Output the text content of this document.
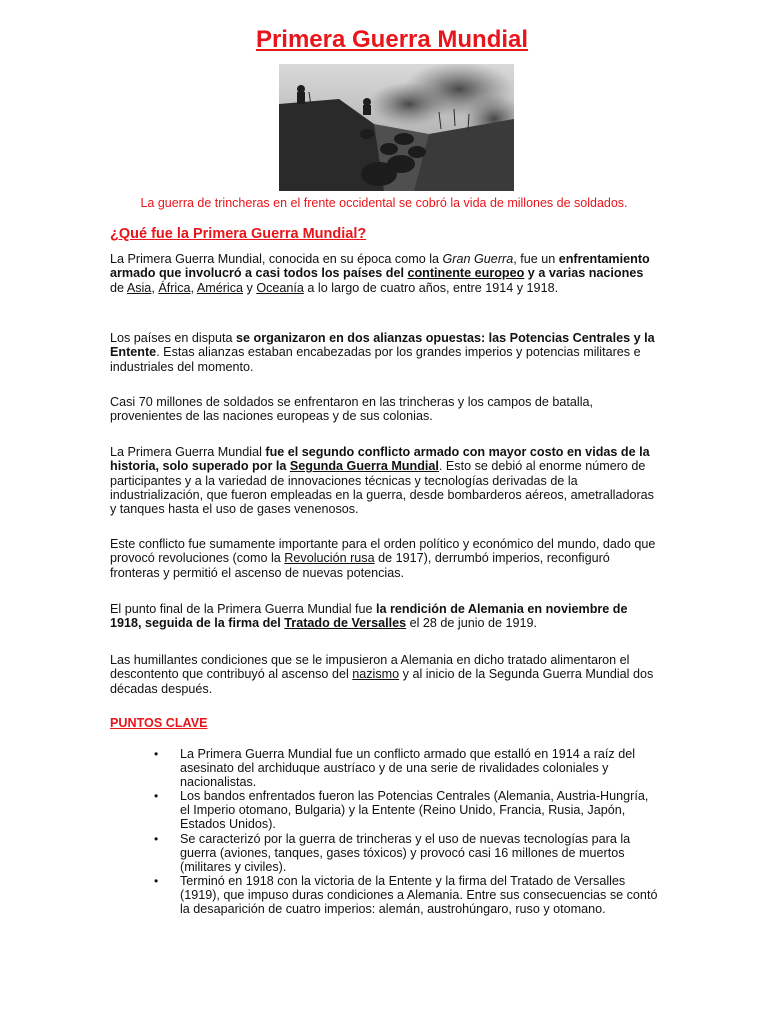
Primera Guerra Mundial

La guerra de trincheras en el frente occidental se cobró la vida de millones de soldados.

¿Qué fue la Primera Guerra Mundial?

La Primera Guerra Mundial, conocida en su época como la Gran Guerra, fue un enfrentamiento armado que involucró a casi todos los países del continente europeo y a varias naciones de Asia, África, América y Oceanía a lo largo de cuatro años, entre 1914 y 1918.

Los países en disputa se organizaron en dos alianzas opuestas: las Potencias Centrales y la Entente. Estas alianzas estaban encabezadas por los grandes imperios y potencias militares e industriales del momento.

Casi 70 millones de soldados se enfrentaron en las trincheras y los campos de batalla, provenientes de las naciones europeas y de sus colonias.

La Primera Guerra Mundial fue el segundo conflicto armado con mayor costo en vidas de la historia, solo superado por la Segunda Guerra Mundial. Esto se debió al enorme número de participantes y a la variedad de innovaciones técnicas y tecnologías derivadas de la industrialización, que fueron empleadas en la guerra, desde bombarderos aéreos, ametralladoras y tanques hasta el uso de gases venenosos.

Este conflicto fue sumamente importante para el orden político y económico del mundo, dado que provocó revoluciones (como la Revolución rusa de 1917), derrumbó imperios, reconfiguró fronteras y permitió el ascenso de nuevas potencias.

El punto final de la Primera Guerra Mundial fue la rendición de Alemania en noviembre de 1918, seguida de la firma del Tratado de Versalles el 28 de junio de 1919.

Las humillantes condiciones que se le impusieron a Alemania en dicho tratado alimentaron el descontento que contribuyó al ascenso del nazismo y al inicio de la Segunda Guerra Mundial dos décadas después.

PUNTOS CLAVE
• La Primera Guerra Mundial fue un conflicto armado que estalló en 1914 a raíz del asesinato del archiduque austríaco y de una serie de rivalidades coloniales y nacionalistas.
• Los bandos enfrentados fueron las Potencias Centrales (Alemania, Austria-Hungría, el Imperio otomano, Bulgaria) y la Entente (Reino Unido, Francia, Rusia, Japón, Estados Unidos).
• Se caracterizó por la guerra de trincheras y el uso de nuevas tecnologías para la guerra (aviones, tanques, gases tóxicos) y provocó casi 16 millones de muertos (militares y civiles).
• Terminó en 1918 con la victoria de la Entente y la firma del Tratado de Versalles (1919), que impuso duras condiciones a Alemania. Entre sus consecuencias se contó la desaparición de cuatro imperios: alemán, austrohúngaro, ruso y otomano.
